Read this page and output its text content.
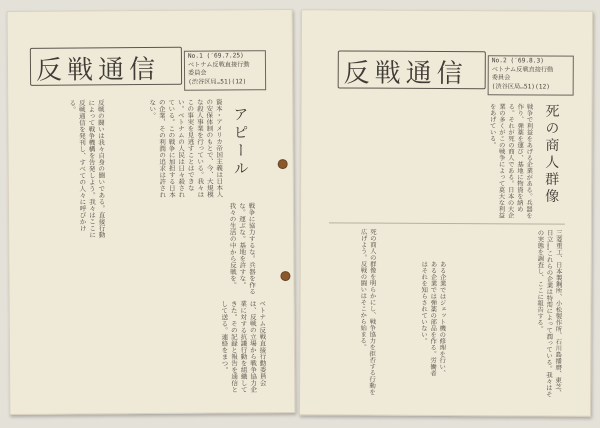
反戦通信	No.1 (′69.7.25)
ベトナム反戦直接行動
委員会
(渋谷区局…51)(12)
アピール
資本・アメリカ帝国主義は日本人の安保体制のもとで、今、大規模な殺人事業を行っている。我々はこの事実を見逃すことはできない。ベトナムの人民は日々殺されている。この戦争に加担する日本の企業、その利潤の追求は許されない。
反戦の闘いは我々自身の闘いである。直接行動によって戦争機構を告発しよう。我々はここに反戦通信を発刊し、すべての人々に呼びかける。
戦争に協力するな。兵器を作るな。運ぶな。基地を許すな。我々の生活の中から反戦を。
ベトナム反戦直接行動委員会は、反戦の立場から戦争協力企業に対する抗議行動を組織してきた。その記録と報告を通信として送る。連絡をまつ。
反戦通信	No.2 (′69.8.3)
ベトナム反戦直接行動
委員会
(渋谷区局…51)(12)
死の商人群像
戦争で利益をあげる企業がある。兵器を作り、弾薬を運び、基地に物資を納める。それが死の商人である。日本の大企業の多くがこの戦争によって莫大な利益をあげている。
三菱重工、日本製鋼所、小松製作所、石川島播磨、東芝、日立……これらの企業は特需によって潤っている。我々はその実態を調査し、ここに報告する。
ある企業ではジェット機の修理を行い、ある企業では弾薬の部品を作る。労働者はそれを知らされていない。
死の商人の群像を明らかにし、戦争協力を拒否する行動を広げよう。反戦の闘いはそこから始まる。
